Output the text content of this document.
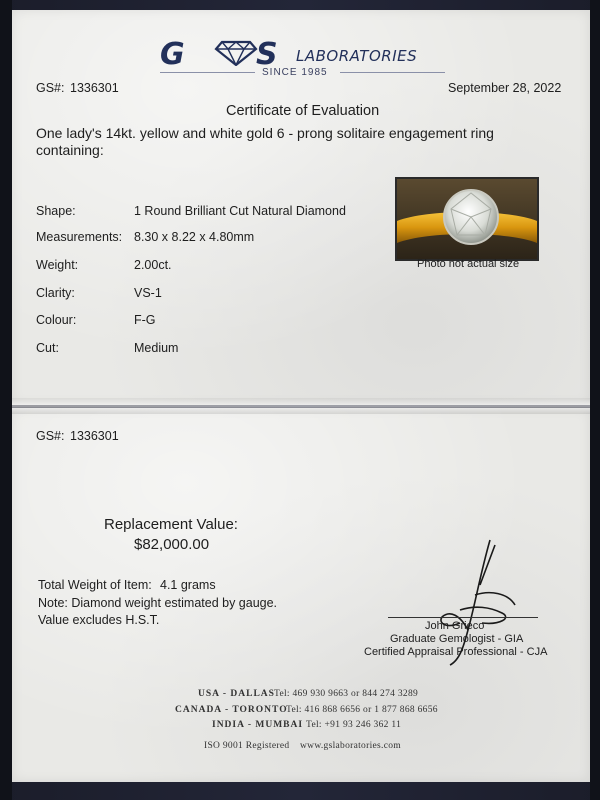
G S LABORATORIES
SINCE 1985
GS#: 1336301	September 28, 2022
Certificate of Evaluation
One lady's 14kt. yellow and white gold 6 - prong solitaire engagement ring containing:
Shape:	1 Round Brilliant Cut Natural Diamond
Measurements: 8.30 x 8.22 x 4.80mm
Weight:	2.00ct.
Clarity:	VS-1
Colour:	F-G
Cut:	Medium
Photo not actual size
GS#: 1336301
Replacement Value:
$82,000.00
Total Weight of Item: 4.1 grams
Note: Diamond weight estimated by gauge.
Value excludes H.S.T.	John Grieco
Graduate Gemologist - GIA
Certified Appraisal Professional - CJA
USA - DALLAS Tel: 469 930 9663 or 844 274 3289
CANADA - TORONTO
Tel: 416 868 6656 or 1 877 868 6656
INDIA - MUMBAI Tel: +91 93 246 362 11
ISO 9001 Registered www.gslaboratories.com
